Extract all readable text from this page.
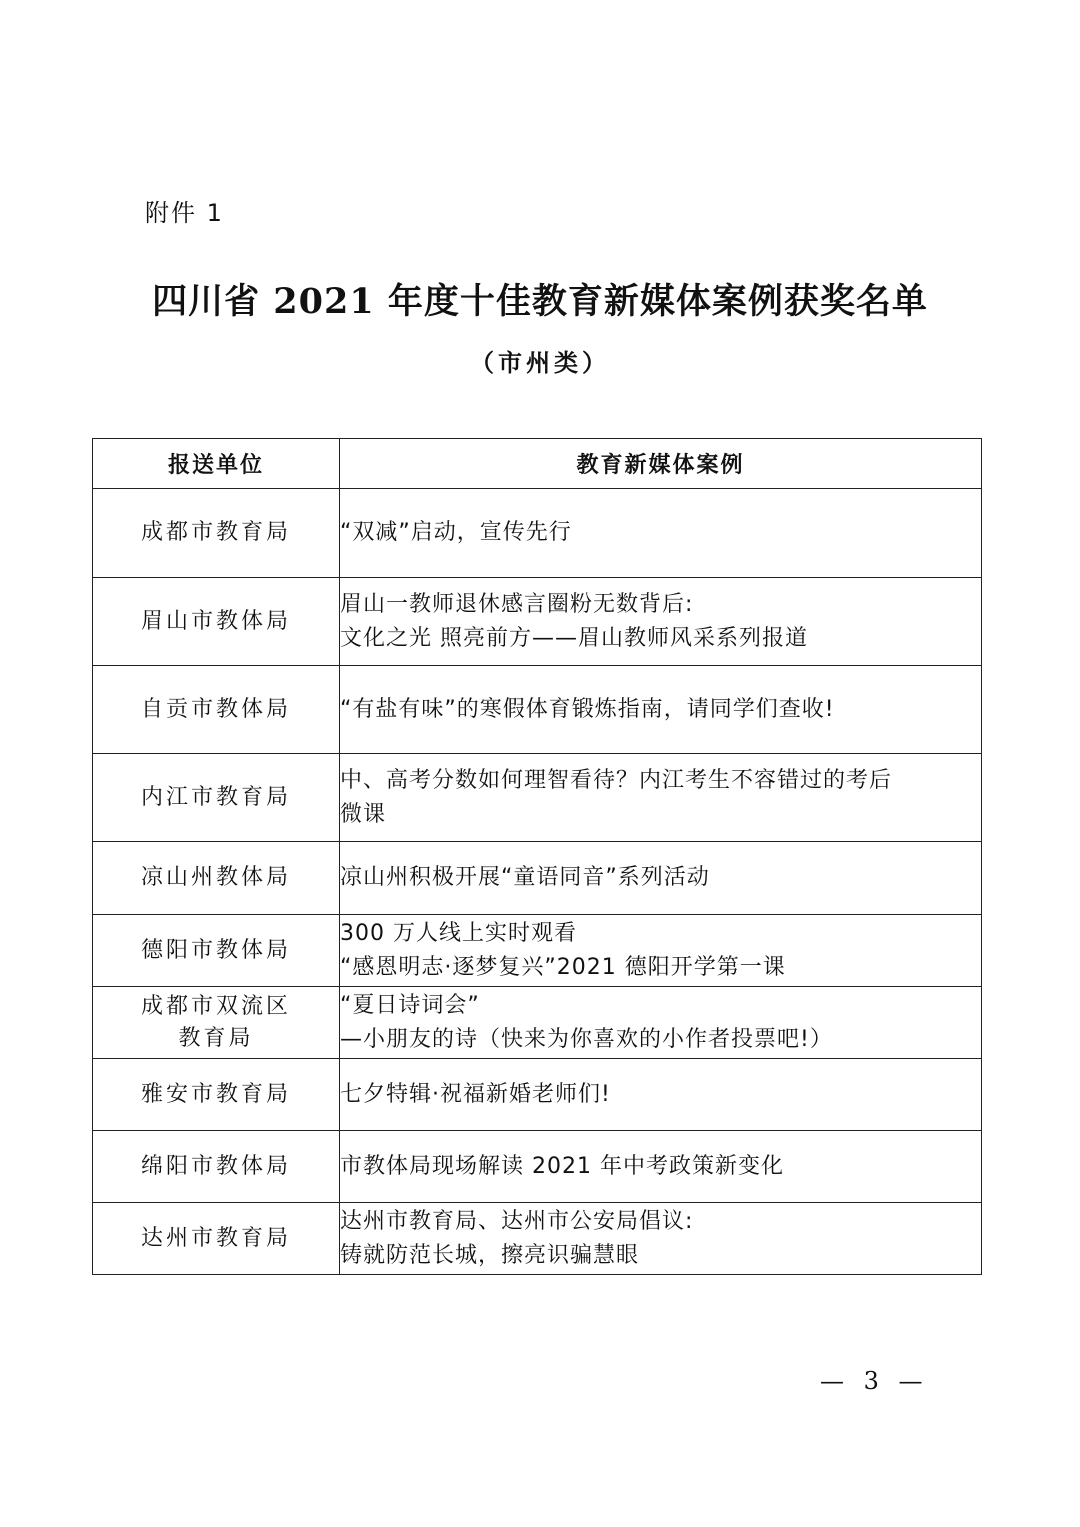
附件 1
四川省 2021 年度十佳教育新媒体案例获奖名单
（市州类）
报送单位	教育新媒体案例

成都市教育局	“双减”启动，宣传先行

眉山市教体局	眉山一教师退休感言圈粉无数背后:
文化之光 照亮前方——眉山教师风采系列报道

自贡市教体局	“有盐有味”的寒假体育锻炼指南，请同学们查收!

内江市教育局	中、高考分数如何理智看待？内江考生不容错过的考后
微课

凉山州教体局	凉山州积极开展“童语同音”系列活动

德阳市教体局	300 万人线上实时观看
“感恩明志·逐梦复兴”2021 德阳开学第一课

成都市双流区
教育局	“夏日诗词会”
—小朋友的诗（快来为你喜欢的小作者投票吧!）

雅安市教育局	七夕特辑·祝福新婚老师们!

绵阳市教体局	市教体局现场解读 2021 年中考政策新变化

达州市教育局	达州市教育局、达州市公安局倡议:
铸就防范长城，擦亮识骗慧眼
— 3 —
